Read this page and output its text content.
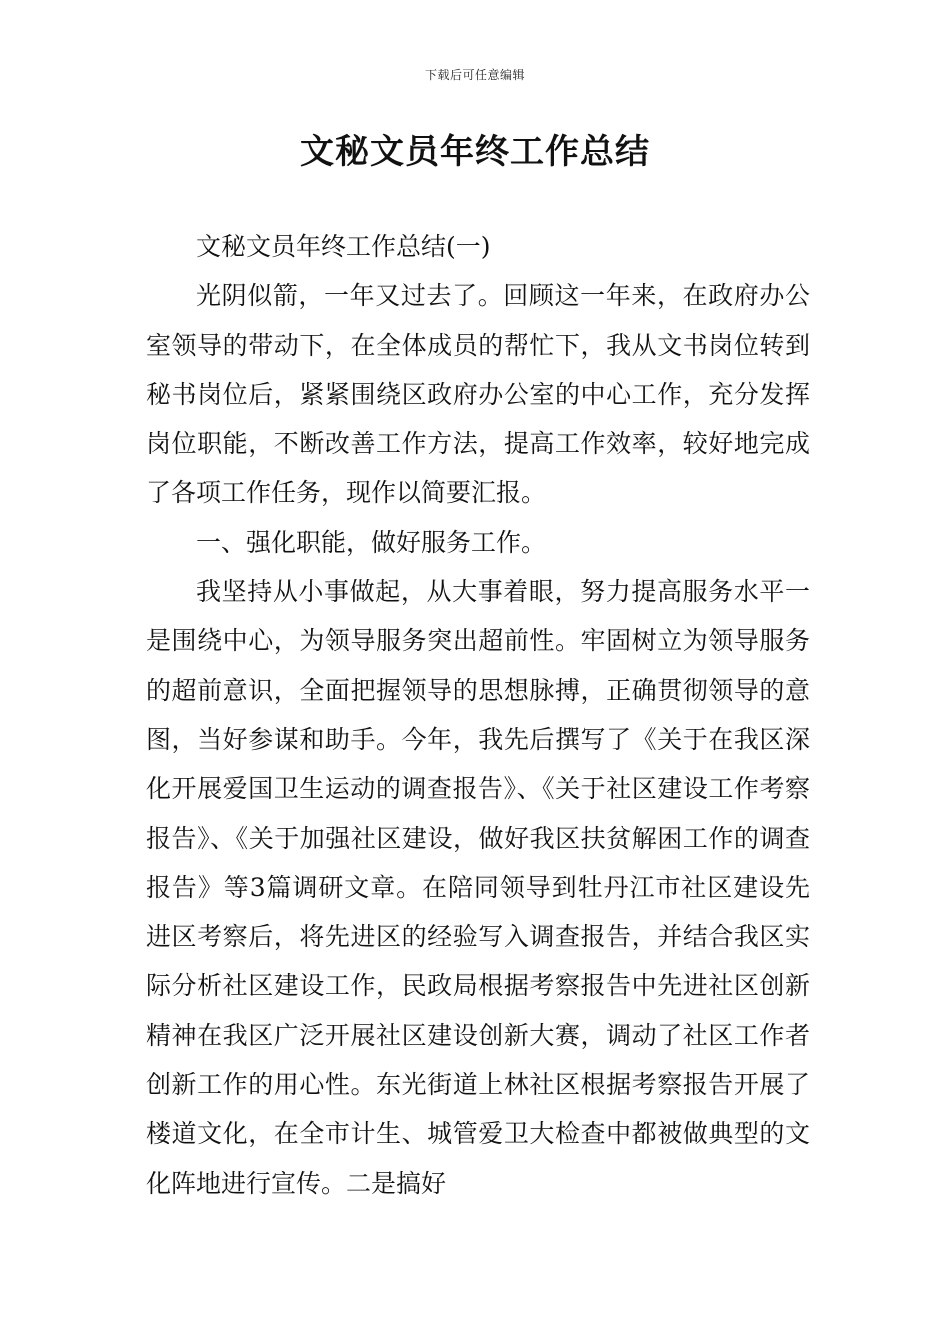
下载后可任意编辑
文秘文员年终工作总结

文秘文员年终工作总结(一)

光阴似箭，一年又过去了。回顾这一年来，在政府办公室领导的带动下，在全体成员的帮忙下，我从文书岗位转到秘书岗位后，紧紧围绕区政府办公室的中心工作，充分发挥岗位职能，不断改善工作方法，提高工作效率，较好地完成了各项工作任务，现作以简要汇报。

一、强化职能，做好服务工作。

我坚持从小事做起，从大事着眼，努力提高服务水平一是围绕中心，为领导服务突出超前性。牢固树立为领导服务的超前意识，全面把握领导的思想脉搏，正确贯彻领导的意图，当好参谋和助手。今年，我先后撰写了《关于在我区深化开展爱国卫生运动的调查报告》、《关于社区建设工作考察报告》、《关于加强社区建设，做好我区扶贫解困工作的调查报告》等3篇调研文章。在陪同领导到牡丹江市社区建设先进区考察后，将先进区的经验写入调查报告，并结合我区实际分析社区建设工作，民政局根据考察报告中先进社区创新精神在我区广泛开展社区建设创新大赛，调动了社区工作者创新工作的用心性。东光街道上林社区根据考察报告开展了楼道文化，在全市计生、城管爱卫大检查中都被做典型的文化阵地进行宣传。二是搞好
